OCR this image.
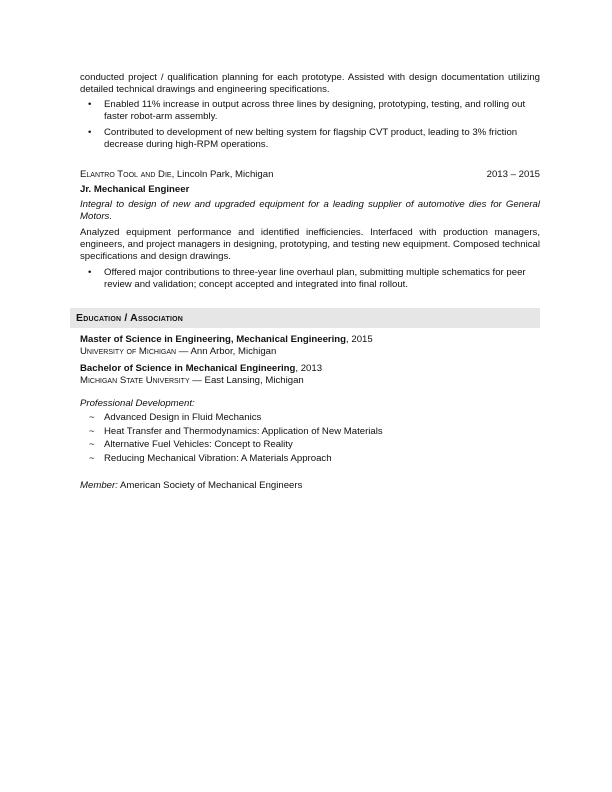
conducted project / qualification planning for each prototype. Assisted with design documentation utilizing detailed technical drawings and engineering specifications.

• Enabled 11% increase in output across three lines by designing, prototyping, testing, and rolling out faster robot-arm assembly.
• Contributed to development of new belting system for flagship CVT product, leading to 3% friction decrease during high-RPM operations.
Elantro Tool and Die, Lincoln Park, Michigan	2013 – 2015
Jr. Mechanical Engineer

Integral to design of new and upgraded equipment for a leading supplier of automotive dies for General Motors.

Analyzed equipment performance and identified inefficiencies. Interfaced with production managers, engineers, and project managers in designing, prototyping, and testing new equipment. Composed technical specifications and design drawings.

• Offered major contributions to three-year line overhaul plan, submitting multiple schematics for peer review and validation; concept accepted and integrated into final rollout.
Education / Association
Master of Science in Engineering, Mechanical Engineering, 2015
University of Michigan — Ann Arbor, Michigan
Bachelor of Science in Mechanical Engineering, 2013
Michigan State University — East Lansing, Michigan
Professional Development:
~ Advanced Design in Fluid Mechanics
~ Heat Transfer and Thermodynamics: Application of New Materials
~ Alternative Fuel Vehicles: Concept to Reality
~ Reducing Mechanical Vibration: A Materials Approach
Member: American Society of Mechanical Engineers
